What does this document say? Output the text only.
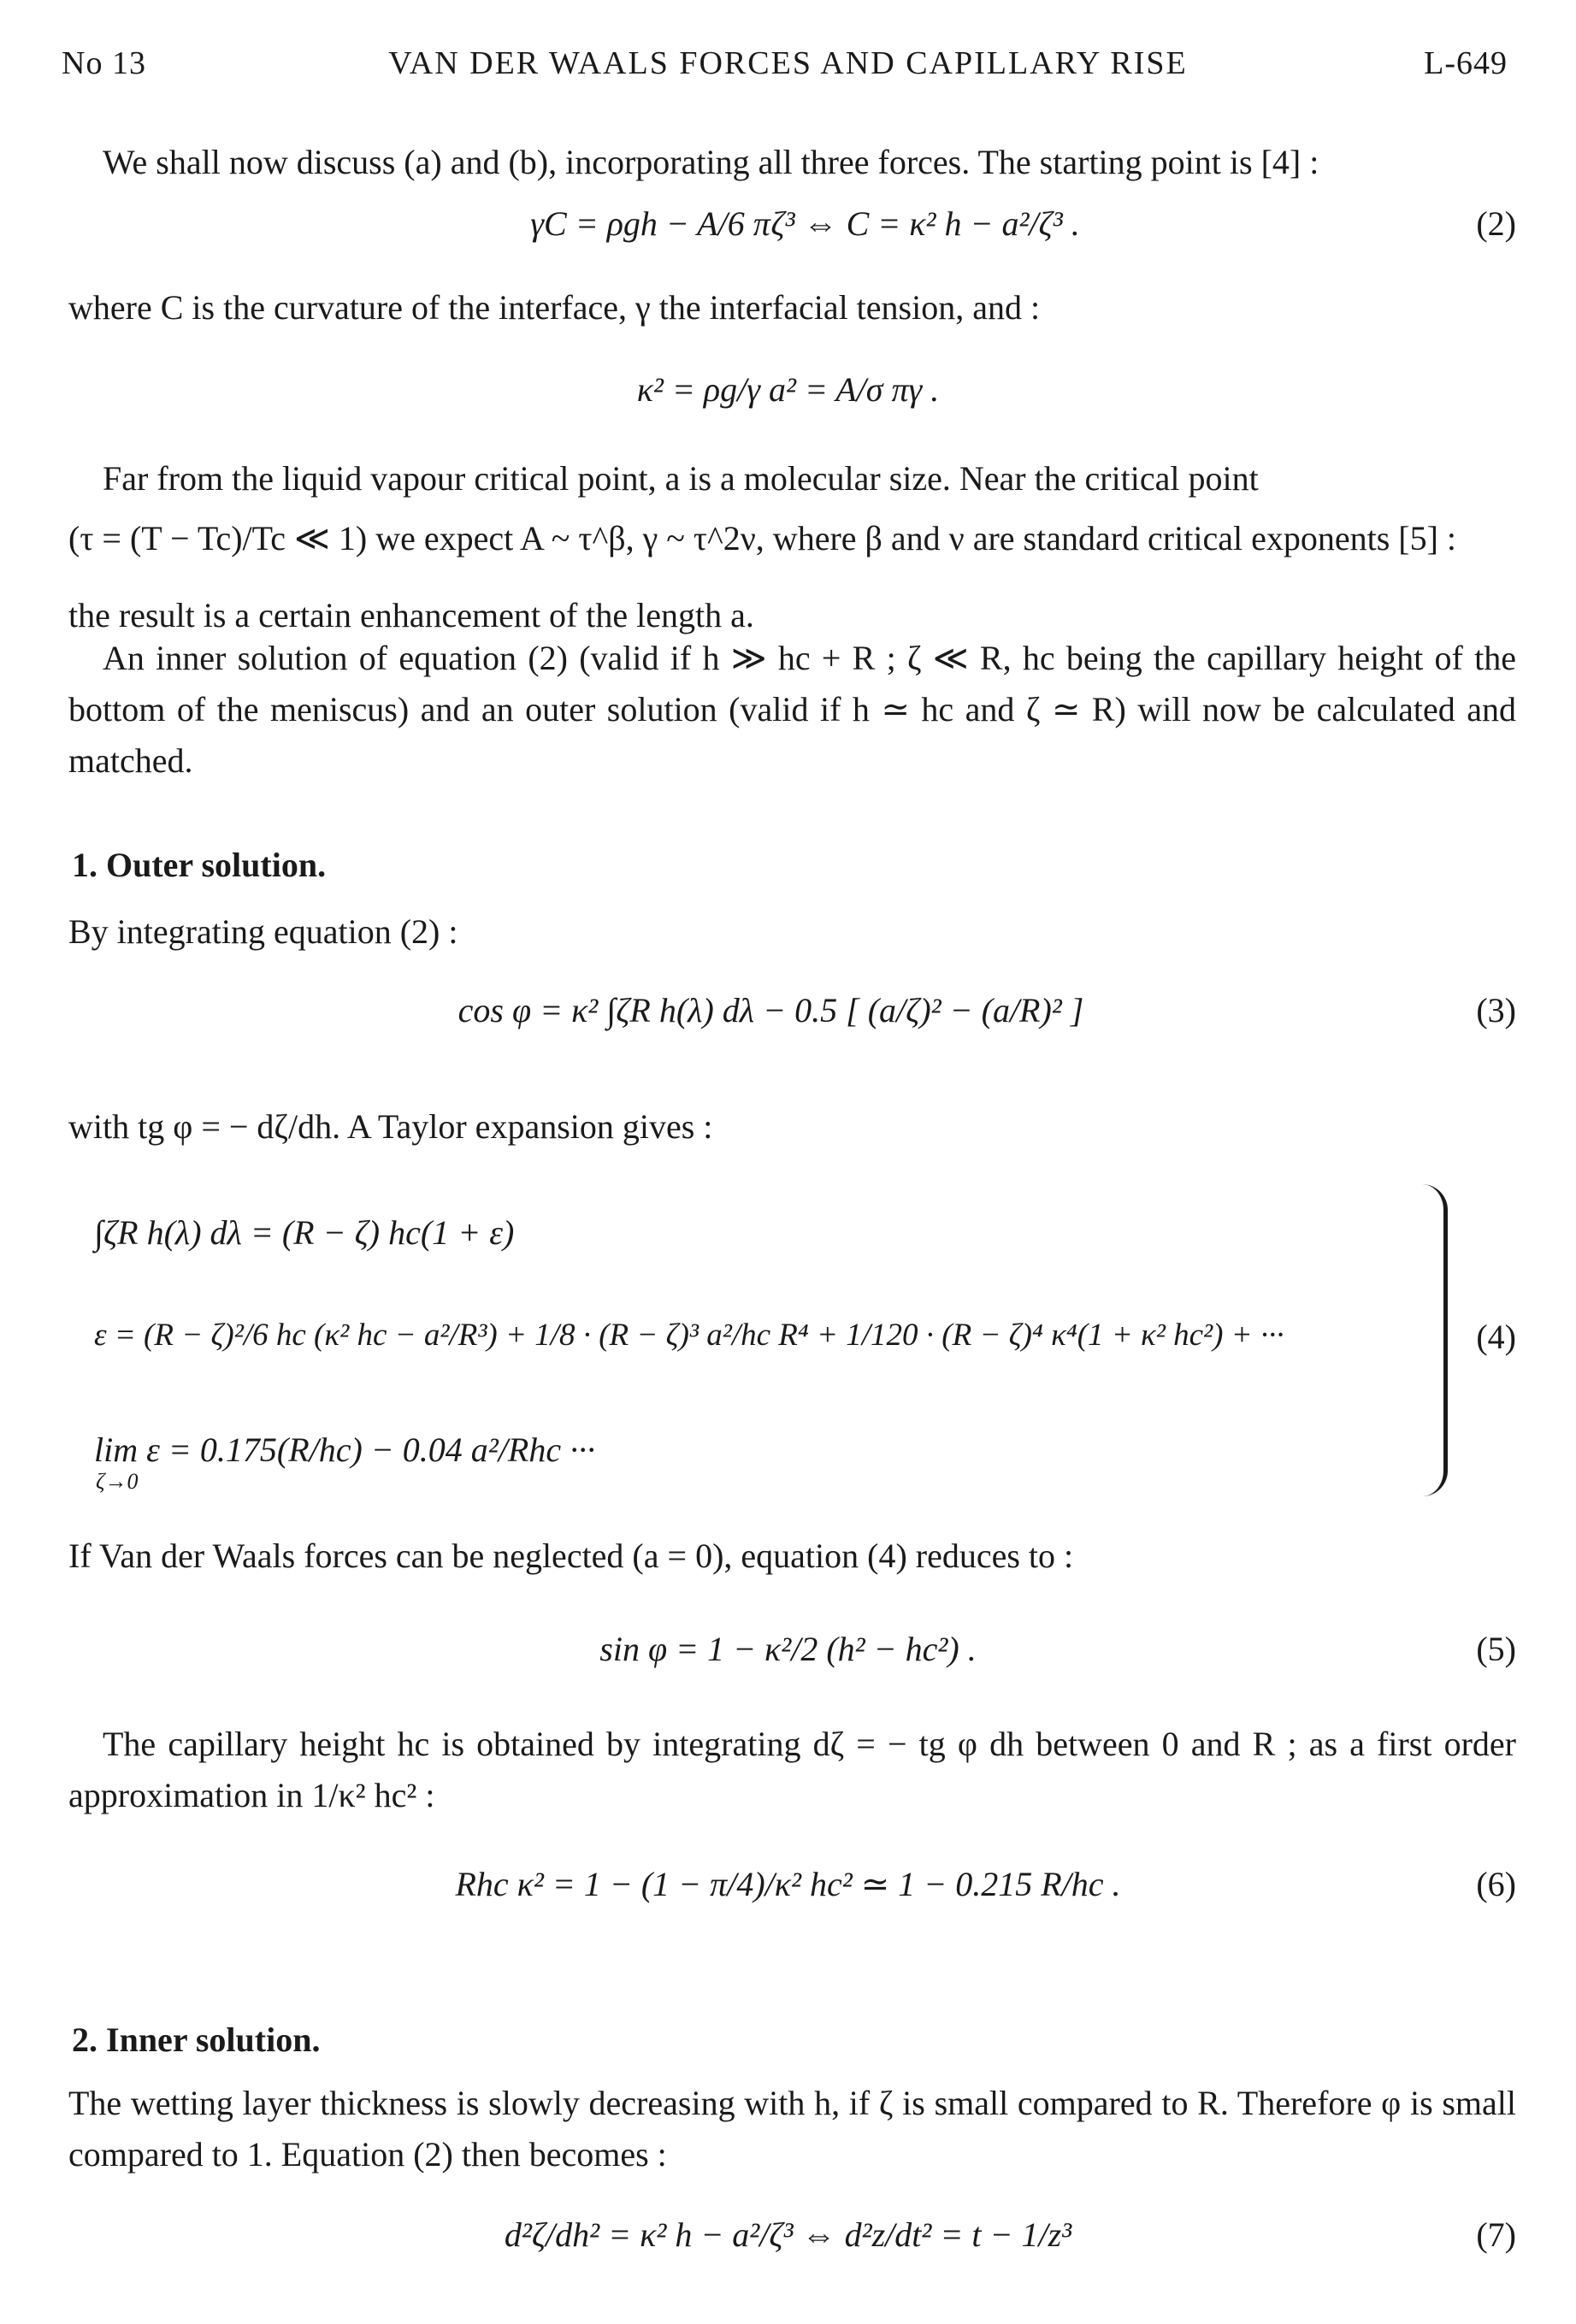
No 13	VAN DER WAALS FORCES AND CAPILLARY RISE	L-649
We shall now discuss (a) and (b), incorporating all three forces. The starting point is [4] :
γC = ρgh − A/6 πζ³ ⇔ C = κ² h − a²/ζ³ .	(2)
where C is the curvature of the interface, γ the interfacial tension, and :
κ² = ρg/γ a² = A/σ πγ .
Far from the liquid vapour critical point, a is a molecular size. Near the critical point
(τ = (T − Tc)/Tc ≪ 1) we expect A ~ τ^β, γ ~ τ^2ν, where β and ν are standard critical exponents [5] :
the result is a certain enhancement of the length a.
An inner solution of equation (2) (valid if h ≫ hc + R ; ζ ≪ R, hc being the capillary height of the bottom of the meniscus) and an outer solution (valid if h ≃ hc and ζ ≃ R) will now be calculated and matched.
1. Outer solution.
By integrating equation (2) :
cos φ = κ² ∫ζR h(λ) dλ − 0.5 [ (a/ζ)² − (a/R)² ]	(3)
with tg φ = − dζ/dh. A Taylor expansion gives :
∫ζR h(λ) dλ = (R − ζ) hc(1 + ε)
ε = (R − ζ)²/6 hc (κ² hc − a²/R³) + 1/8 · (R − ζ)³ a²/hc R⁴ + 1/120 · (R − ζ)⁴ κ⁴(1 + κ² hc²) + ···
lim ε = 0.175(R/hc) − 0.04 a²/Rhc ···
ζ→0
(4)
If Van der Waals forces can be neglected (a = 0), equation (4) reduces to :
sin φ = 1 − κ²/2 (h² − hc²) .	(5)
The capillary height hc is obtained by integrating dζ = − tg φ dh between 0 and R ; as a first order approximation in 1/κ² hc² :
Rhc κ² = 1 − (1 − π/4)/κ² hc² ≃ 1 − 0.215 R/hc .	(6)
2. Inner solution.
The wetting layer thickness is slowly decreasing with h, if ζ is small compared to R. Therefore φ is small compared to 1. Equation (2) then becomes :
d²ζ/dh² = κ² h − a²/ζ³ ⇔ d²z/dt² = t − 1/z³	(7)
